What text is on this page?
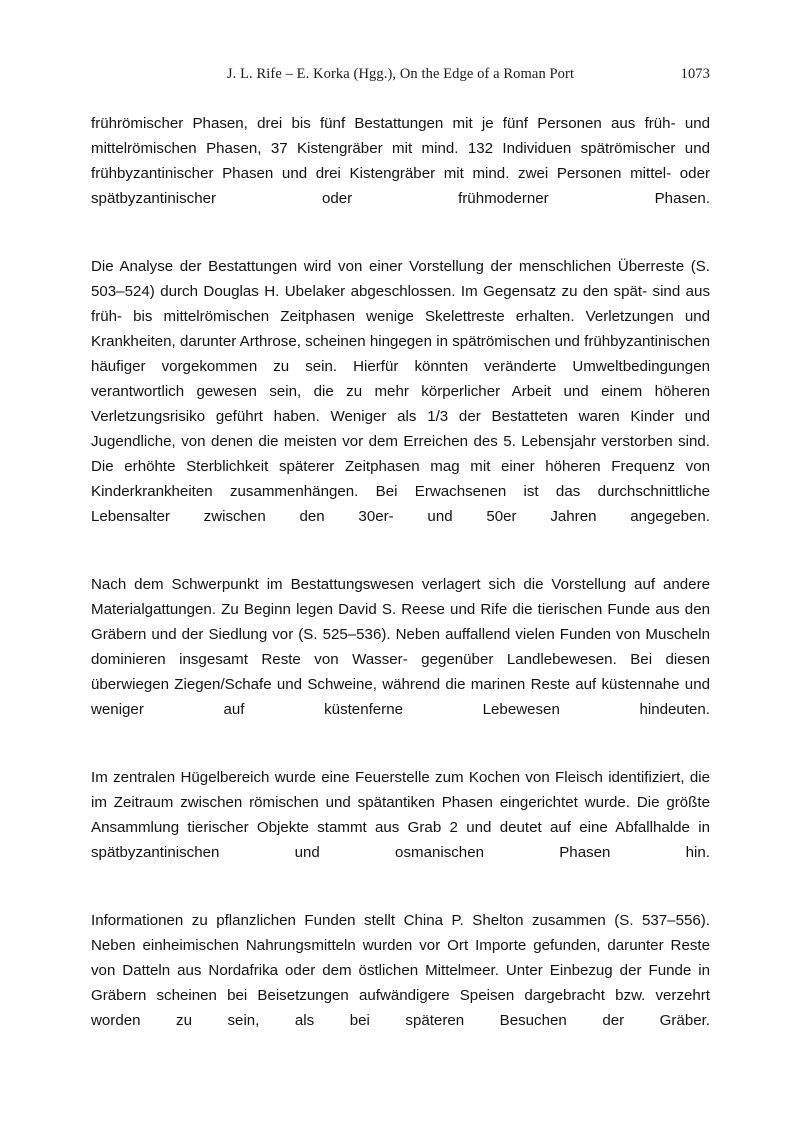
J. L. Rife – E. Korka (Hgg.), On the Edge of a Roman Port	1073

frührömischer Phasen, drei bis fünf Bestattungen mit je fünf Personen aus früh- und mittelrömischen Phasen, 37 Kistengräber mit mind. 132 Individuen spätrömischer und frühbyzantinischer Phasen und drei Kistengräber mit mind. zwei Personen mittel- oder spätbyzantinischer oder frühmoderner Phasen.

Die Analyse der Bestattungen wird von einer Vorstellung der menschlichen Überreste (S. 503–524) durch Douglas H. Ubelaker abgeschlossen. Im Gegensatz zu den spät- sind aus früh- bis mittelrömischen Zeitphasen wenige Skelettreste erhalten. Verletzungen und Krankheiten, darunter Arthrose, scheinen hingegen in spätrömischen und frühbyzantinischen häufiger vorgekommen zu sein. Hierfür könnten veränderte Umweltbedingungen verantwortlich gewesen sein, die zu mehr körperlicher Arbeit und einem höheren Verletzungsrisiko geführt haben. Weniger als 1/3 der Bestatteten waren Kinder und Jugendliche, von denen die meisten vor dem Erreichen des 5. Lebensjahr verstorben sind. Die erhöhte Sterblichkeit späterer Zeitphasen mag mit einer höheren Frequenz von Kinderkrankheiten zusammenhängen. Bei Erwachsenen ist das durchschnittliche Lebensalter zwischen den 30er- und 50er Jahren angegeben.

Nach dem Schwerpunkt im Bestattungswesen verlagert sich die Vorstellung auf andere Materialgattungen. Zu Beginn legen David S. Reese und Rife die tierischen Funde aus den Gräbern und der Siedlung vor (S. 525–536). Neben auffallend vielen Funden von Muscheln dominieren insgesamt Reste von Wasser- gegenüber Landlebewesen. Bei diesen überwiegen Ziegen/Schafe und Schweine, während die marinen Reste auf küstennahe und weniger auf küstenferne Lebewesen hindeuten.

Im zentralen Hügelbereich wurde eine Feuerstelle zum Kochen von Fleisch identifiziert, die im Zeitraum zwischen römischen und spätantiken Phasen eingerichtet wurde. Die größte Ansammlung tierischer Objekte stammt aus Grab 2 und deutet auf eine Abfallhalde in spätbyzantinischen und osmanischen Phasen hin.

Informationen zu pflanzlichen Funden stellt China P. Shelton zusammen (S. 537–556). Neben einheimischen Nahrungsmitteln wurden vor Ort Importe gefunden, darunter Reste von Datteln aus Nordafrika oder dem östlichen Mittelmeer. Unter Einbezug der Funde in Gräbern scheinen bei Beisetzungen aufwändigere Speisen dargebracht bzw. verzehrt worden zu sein, als bei späteren Besuchen der Gräber.
